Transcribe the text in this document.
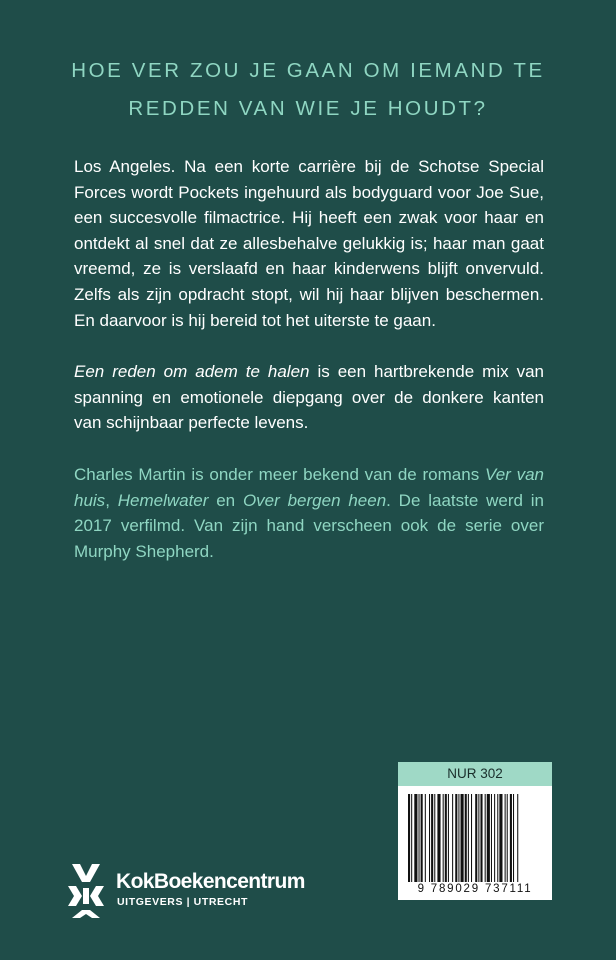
HOE VER ZOU JE GAAN OM IEMAND TE
REDDEN VAN WIE JE HOUDT?

Los Angeles. Na een korte carrière bij de Schotse Special Forces wordt Pockets ingehuurd als bodyguard voor Joe Sue, een succesvolle filmactrice. Hij heeft een zwak voor haar en ontdekt al snel dat ze allesbehalve gelukkig is; haar man gaat vreemd, ze is verslaafd en haar kinderwens blijft onvervuld. Zelfs als zijn opdracht stopt, wil hij haar blijven beschermen. En daarvoor is hij bereid tot het uiterste te gaan.

Een reden om adem te halen is een hartbrekende mix van spanning en emotionele diepgang over de donkere kanten van schijnbaar perfecte levens.

Charles Martin is onder meer bekend van de romans Ver van huis, Hemelwater en Over bergen heen. De laatste werd in 2017 verfilmd. Van zijn hand verscheen ook de serie over Murphy Shepherd.

KokBoekencentrum
UITGEVERS | UTRECHT
NUR 302
9 789029 737111
